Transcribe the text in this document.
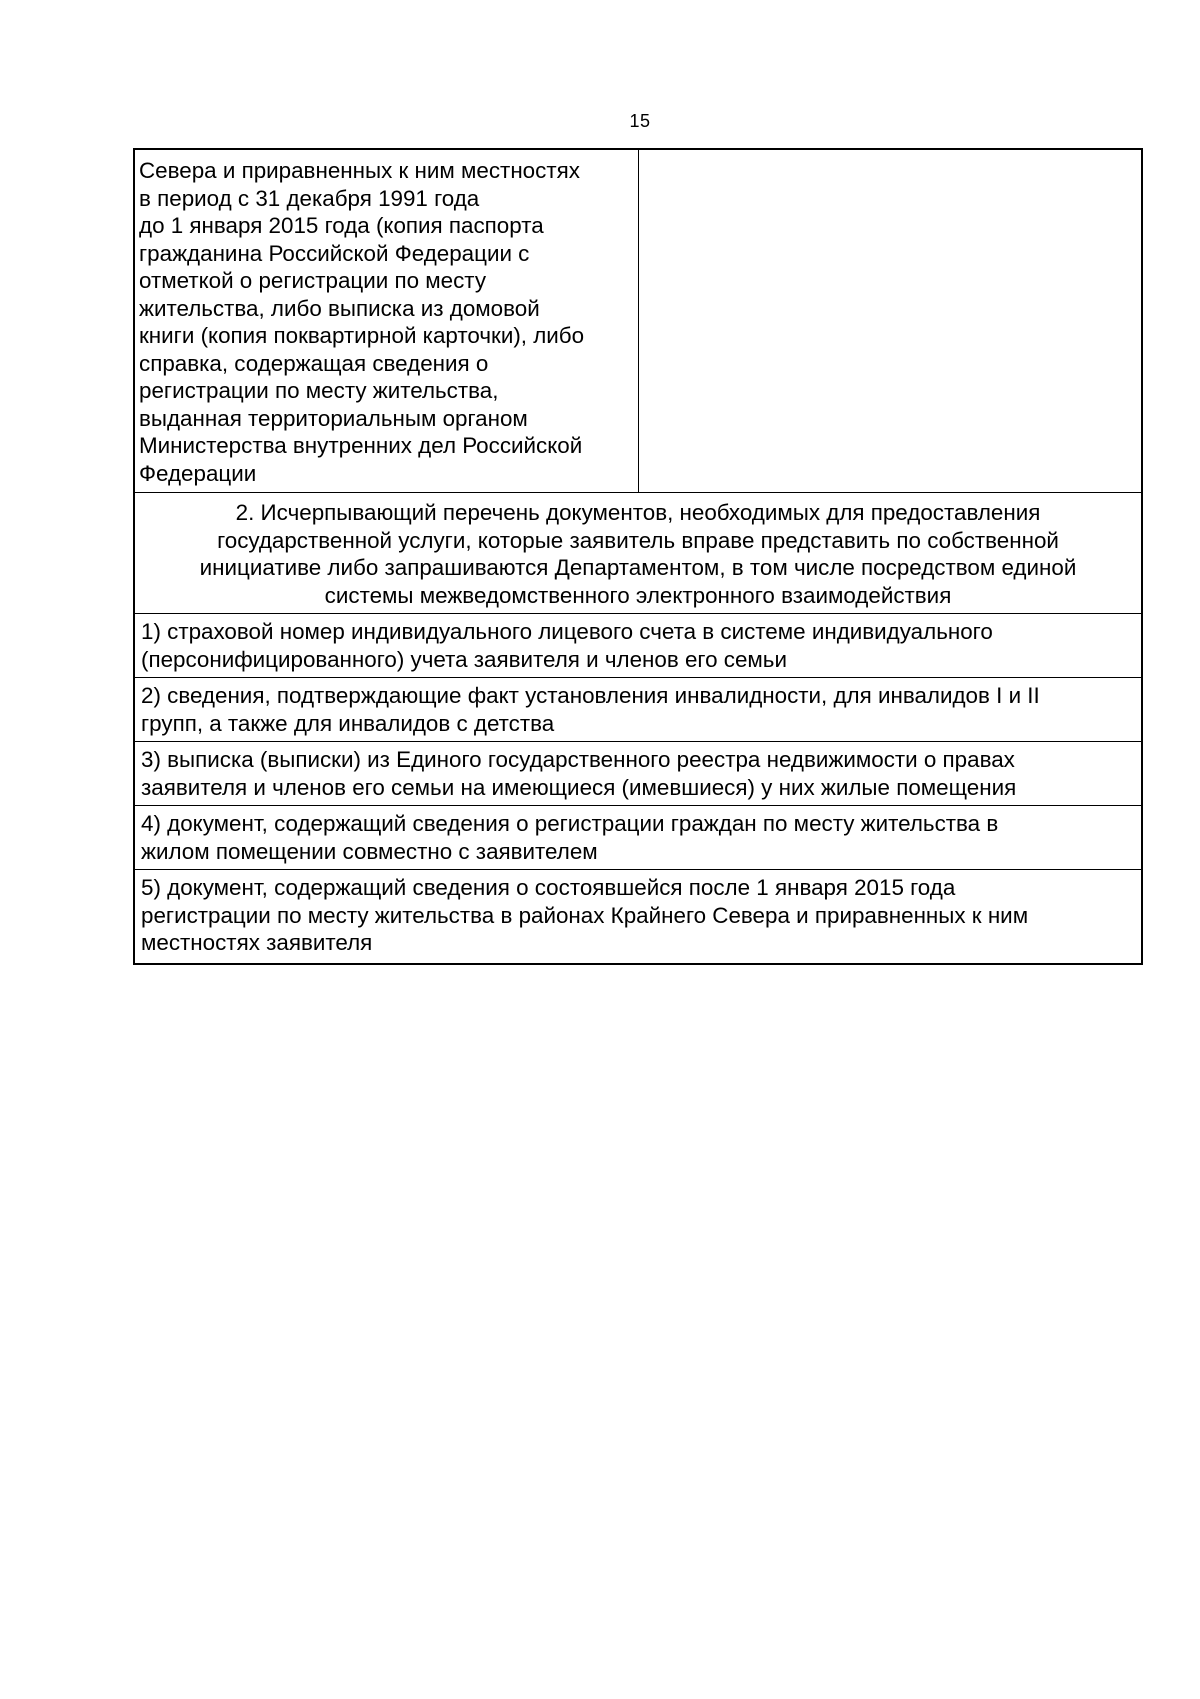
15
Севера и приравненных к ним местностях
в период с 31 декабря 1991 года
до 1 января 2015 года (копия паспорта
гражданина Российской Федерации с
отметкой о регистрации по месту
жительства, либо выписка из домовой
книги (копия поквартирной карточки), либо
справка, содержащая сведения о
регистрации по месту жительства,
выданная территориальным органом
Министерства внутренних дел Российской
Федерации
2. Исчерпывающий перечень документов, необходимых для предоставления
государственной услуги, которые заявитель вправе представить по собственной
инициативе либо запрашиваются Департаментом, в том числе посредством единой
системы межведомственного электронного взаимодействия
1) страховой номер индивидуального лицевого счета в системе индивидуального
(персонифицированного) учета заявителя и членов его семьи
2) сведения, подтверждающие факт установления инвалидности, для инвалидов I и II
групп, а также для инвалидов с детства
3) выписка (выписки) из Единого государственного реестра недвижимости о правах
заявителя и членов его семьи на имеющиеся (имевшиеся) у них жилые помещения
4) документ, содержащий сведения о регистрации граждан по месту жительства в
жилом помещении совместно с заявителем
5) документ, содержащий сведения о состоявшейся после 1 января 2015 года
регистрации по месту жительства в районах Крайнего Севера и приравненных к ним
местностях заявителя
